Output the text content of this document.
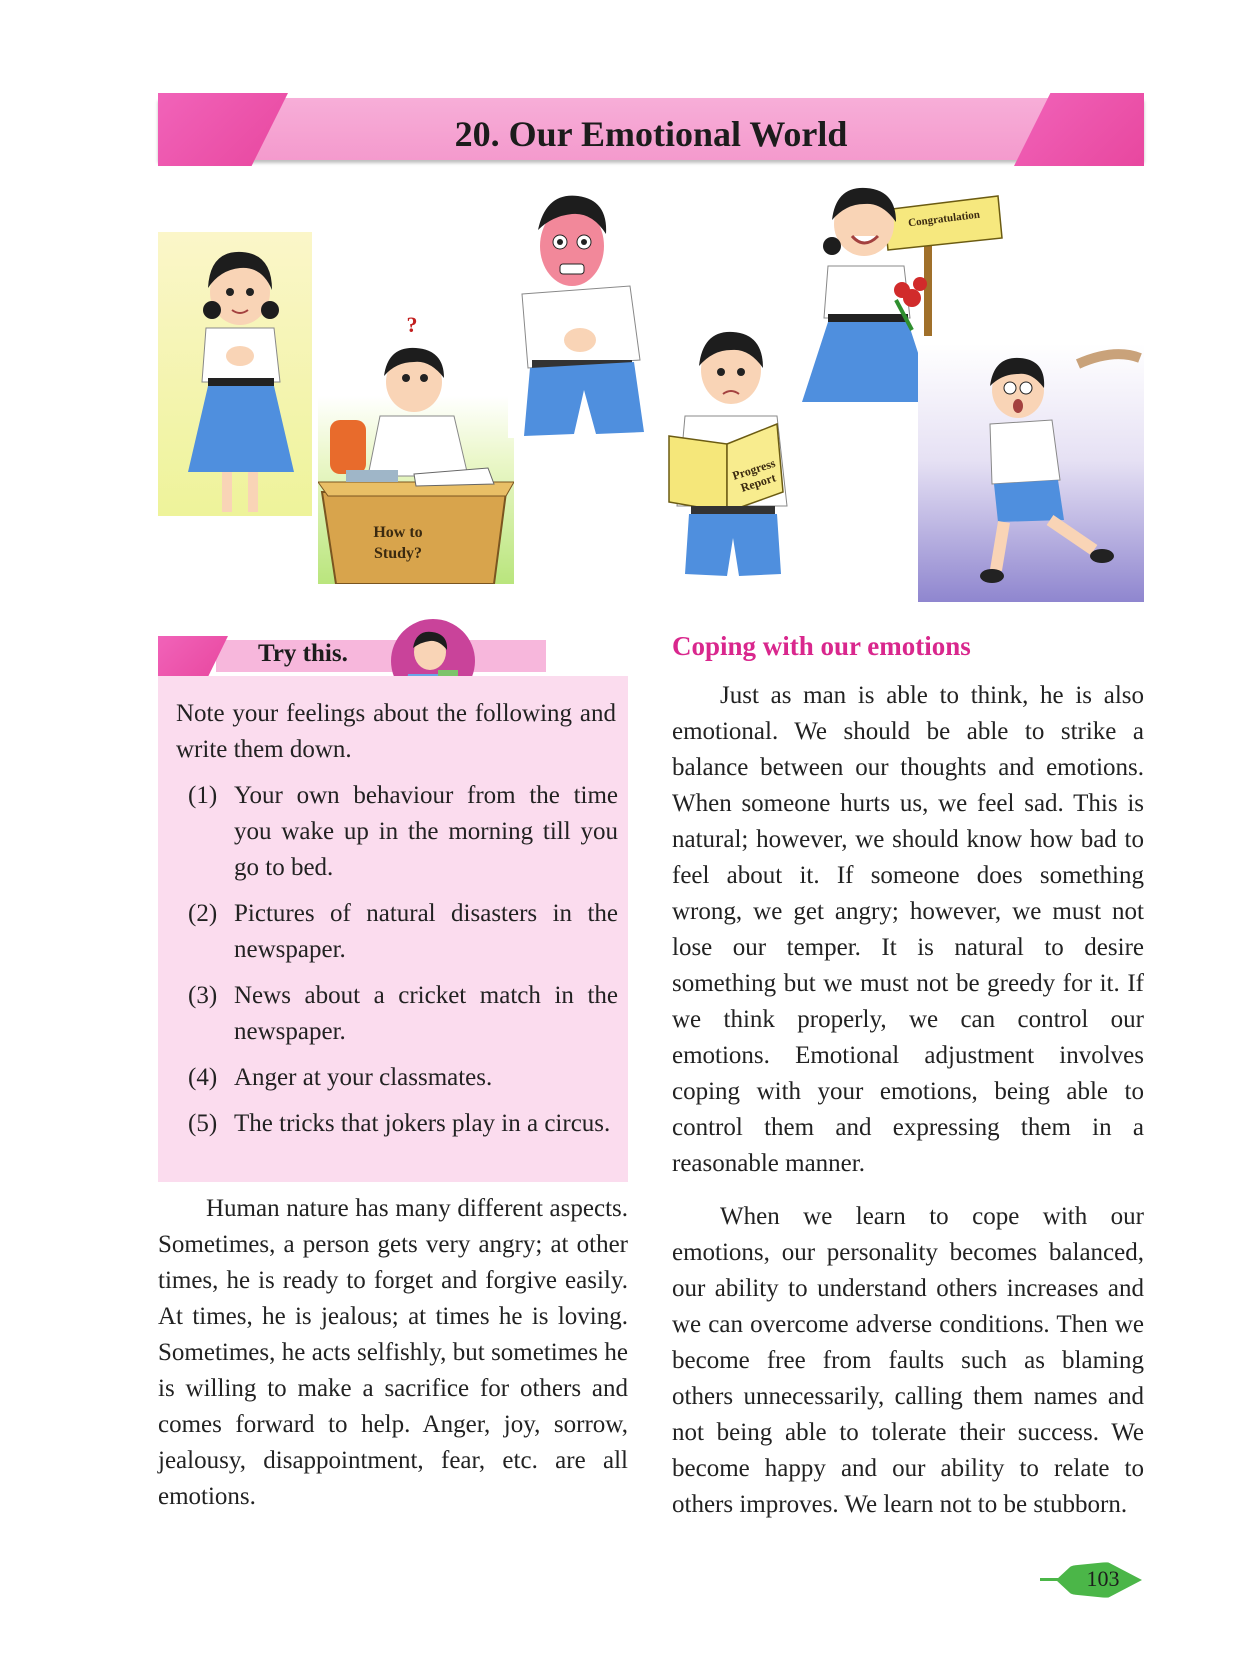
20. Our Emotional World
?
How to
Study?
Progress
Report
Congratulation
Try this.

Note your feelings about the following and write them down.

(1) Your own behaviour from the time you wake up in the morning till you go to bed.
(2) Pictures of natural disasters in the newspaper.
(3) News about a cricket match in the newspaper.
(4) Anger at your classmates.
(5) The tricks that jokers play in a circus.

Human nature has many different aspects. Sometimes, a person gets very angry; at other times, he is ready to forget and forgive easily. At times, he is jealous; at times he is loving. Sometimes, he acts selfishly, but sometimes he is willing to make a sacrifice for others and comes forward to help. Anger, joy, sorrow, jealousy, disappointment, fear, etc. are all emotions.

Coping with our emotions

Just as man is able to think, he is also emotional. We should be able to strike a balance between our thoughts and emotions. When someone hurts us, we feel sad. This is natural; however, we should know how bad to feel about it. If someone does something wrong, we get angry; however, we must not lose our temper. It is natural to desire something but we must not be greedy for it. If we think properly, we can control our emotions. Emotional adjustment involves coping with your emotions, being able to control them and expressing them in a reasonable manner.

When we learn to cope with our emotions, our personality becomes balanced, our ability to understand others increases and we can overcome adverse conditions. Then we become free from faults such as blaming others unnecessarily, calling them names and not being able to tolerate their success. We become happy and our ability to relate to others improves. We learn not to be stubborn.

103
